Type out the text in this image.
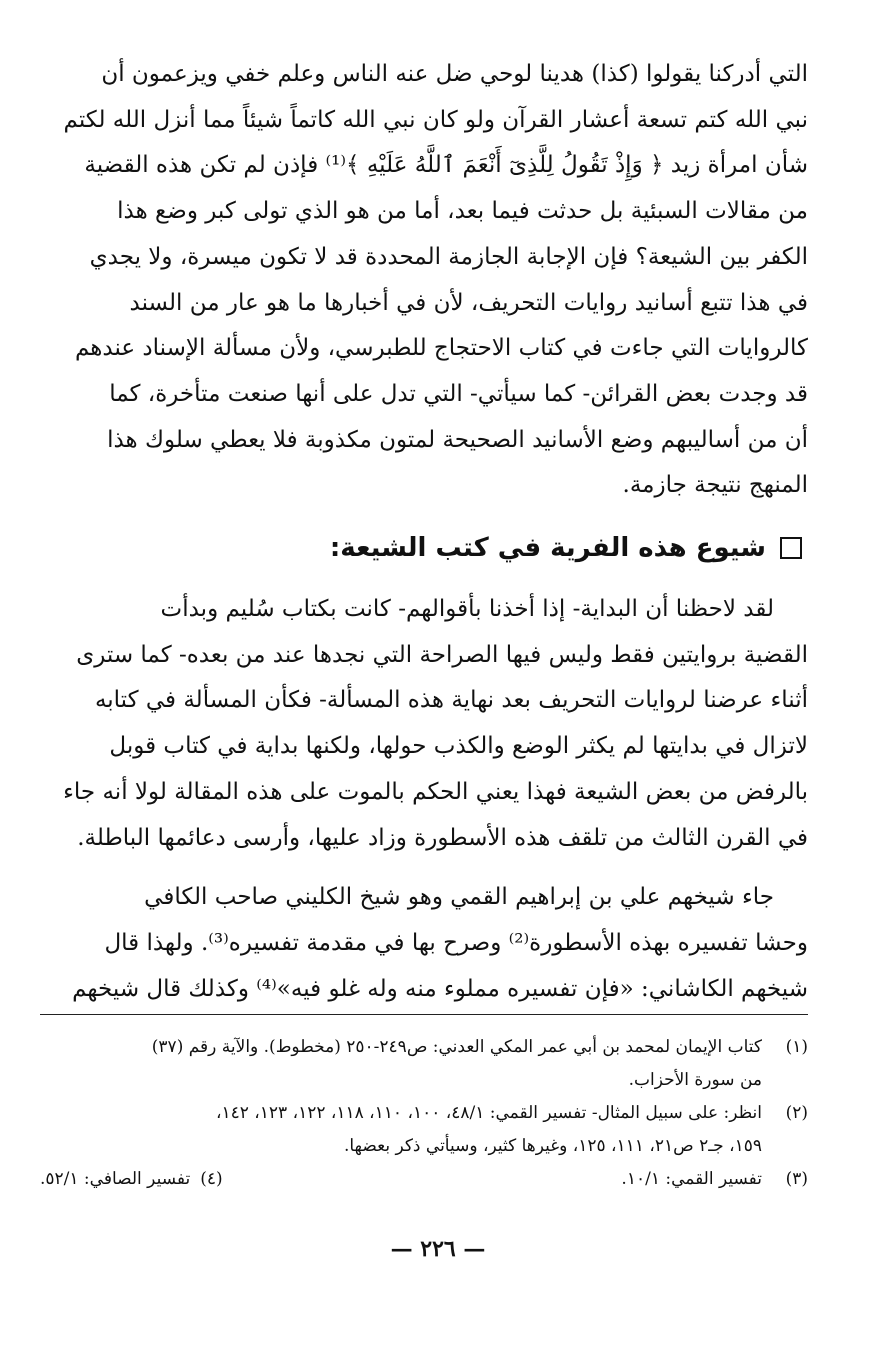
التي أدركنا يقولوا (كذا) هدينا لوحي ضل عنه الناس وعلم خفي ويزعمون أن

نبي الله كتم تسعة أعشار القرآن ولو كان نبي الله كاتماً شيئاً مما أنزل الله لكتم

شأن امرأة زيد ﴿ وَإِذْ تَقُولُ لِلَّذِىٓ أَنْعَمَ ٱللَّهُ عَلَيْهِ ﴾⁽¹⁾ فإذن لم تكن هذه القضية

من مقالات السبئية بل حدثت فيما بعد، أما من هو الذي تولى كبر وضع هذا

الكفر بين الشيعة؟ فإن الإجابة الجازمة المحددة قد لا تكون ميسرة، ولا يجدي

في هذا تتبع أسانيد روايات التحريف، لأن في أخبارها ما هو عار من السند

كالروايات التي جاءت في كتاب الاحتجاج للطبرسي، ولأن مسألة الإسناد عندهم

قد وجدت بعض القرائن- كما سيأتي- التي تدل على أنها صنعت متأخرة، كما

أن من أساليبهم وضع الأسانيد الصحيحة لمتون مكذوبة فلا يعطي سلوك هذا

المنهج نتيجة جازمة.

شيوع هذه الفرية في كتب الشيعة:

لقد لاحظنا أن البداية- إذا أخذنا بأقوالهم- كانت بكتاب سُليم وبدأت

القضية بروايتين فقط وليس فيها الصراحة التي نجدها عند من بعده- كما سترى

أثناء عرضنا لروايات التحريف بعد نهاية هذه المسألة- فكأن المسألة في كتابه

لاتزال في بدايتها لم يكثر الوضع والكذب حولها، ولكنها بداية في كتاب قوبل

بالرفض من بعض الشيعة فهذا يعني الحكم بالموت على هذه المقالة لولا أنه جاء

في القرن الثالث من تلقف هذه الأسطورة وزاد عليها، وأرسى دعائمها الباطلة.

جاء شيخهم علي بن إبراهيم القمي وهو شيخ الكليني صاحب الكافي

وحشا تفسيره بهذه الأسطورة⁽²⁾ وصرح بها في مقدمة تفسيره⁽³⁾. ولهذا قال

شيخهم الكاشاني: «فإن تفسيره مملوء منه وله غلو فيه»⁽⁴⁾ وكذلك قال شيخهم

(١)
كتاب الإيمان لمحمد بن أبي عمر المكي العدني: ص٢٤٩-٢٥٠ (مخطوط). والآية رقم (٣٧)
من سورة الأحزاب.
(٢)
انظر: على سبيل المثال- تفسير القمي: ٤٨/١، ١٠٠، ١١٠، ١١٨، ١٢٢، ١٢٣، ١٤٢،
١٥٩، جـ٢ ص٢١، ١١١، ١٢٥، وغيرها كثير، وسيأتي ذكر بعضها.
(٣)
تفسير القمي: ١٠/١.
(٤)
تفسير الصافي: ٥٢/١.
— ٢٢٦ —
